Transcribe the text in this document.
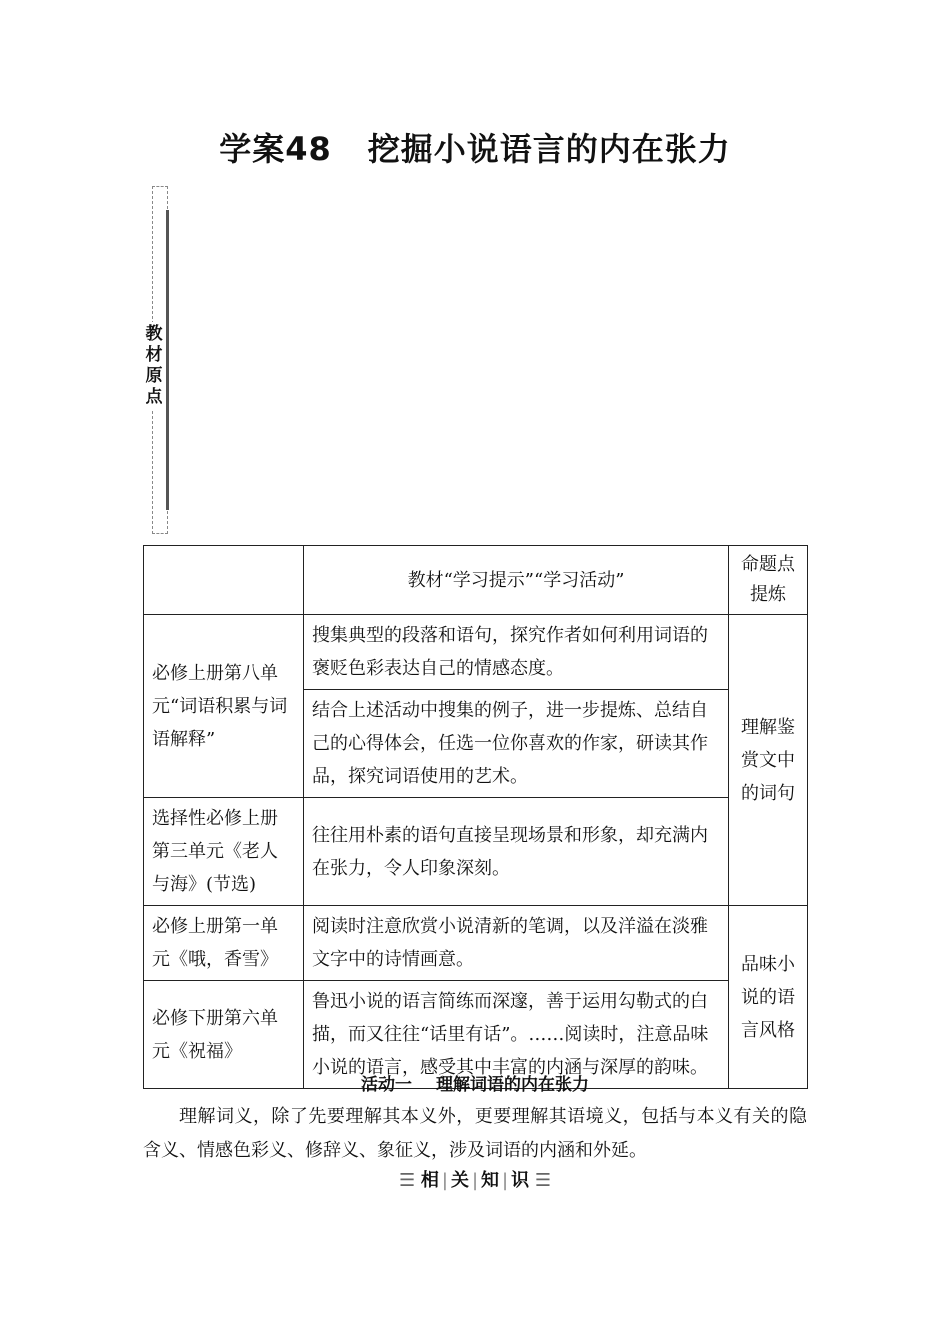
学案48 挖掘小说语言的内在张力
教材原点
	教材“学习提示”“学习活动”	命题点提炼
必修上册第八单元“词语积累与词语解释”	搜集典型的段落和语句，探究作者如何利用词语的褒贬色彩表达自己的情感态度。	理解鉴赏文中的词句
	结合上述活动中搜集的例子，进一步提炼、总结自己的心得体会，任选一位你喜欢的作家，研读其作品，探究词语使用的艺术。	
选择性必修上册第三单元《老人与海》(节选)	往往用朴素的语句直接呈现场景和形象，却充满内在张力，令人印象深刻。	
必修上册第一单元《哦，香雪》	阅读时注意欣赏小说清新的笔调，以及洋溢在淡雅文字中的诗情画意。	品味小说的语言风格
必修下册第六单元《祝福》	鲁迅小说的语言简练而深邃，善于运用勾勒式的白描，而又往往“话里有话”。……阅读时，注意品味小说的语言，感受其中丰富的内涵与深厚的韵味。	
活动一 理解词语的内在张力
理解词义，除了先要理解其本义外，更要理解其语境义，包括与本义有关的隐含义、情感色彩义、修辞义、象征义，涉及词语的内涵和外延。
☰ 相 | 关 | 知 | 识 ☰
